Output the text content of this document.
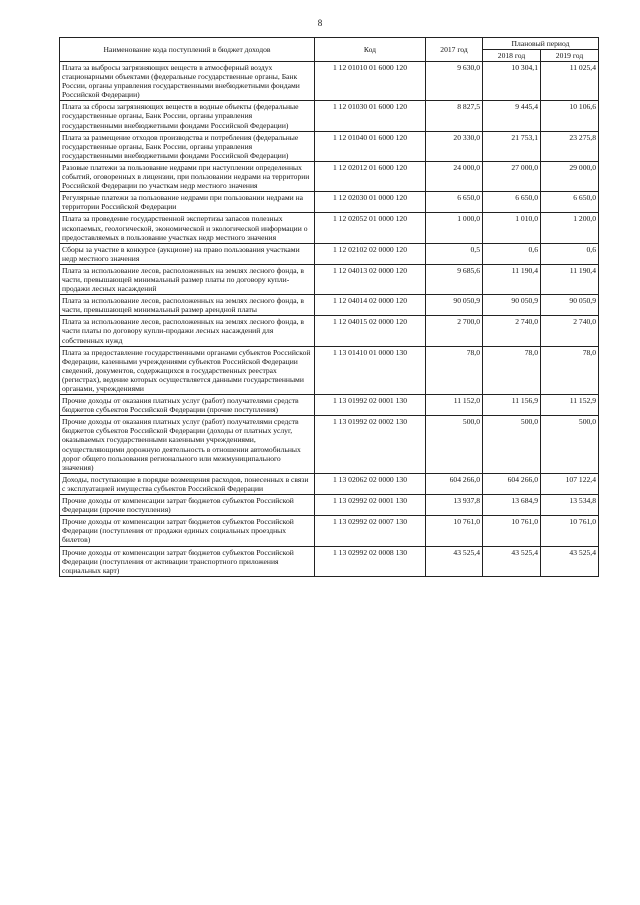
8
Наименование кода поступлений в бюджет доходов	Код	2017 год	Плановый период	
			2018 год	2019 год
Плата за выбросы загрязняющих веществ в атмосферный воздух стационарными объектами (федеральные государственные органы, Банк России, органы управления государственными внебюджетными фондами Российской Федерации)	1 12 01010 01 6000 120	9 630,0	10 304,1	11 025,4
Плата за сбросы загрязняющих веществ в водные объекты (федеральные государственные органы, Банк России, органы управления государственными внебюджетными фондами Российской Федерации)	1 12 01030 01 6000 120	8 827,5	9 445,4	10 106,6
Плата за размещение отходов производства и потребления (федеральные государственные органы, Банк России, органы управления государственными внебюджетными фондами Российской Федерации)	1 12 01040 01 6000 120	20 330,0	21 753,1	23 275,8
Разовые платежи за пользование недрами при наступлении определенных событий, оговоренных в лицензии, при пользовании недрами на территории Российской Федерации по участкам недр местного значения	1 12 02012 01 6000 120	24 000,0	27 000,0	29 000,0
Регулярные платежи за пользование недрами при пользовании недрами на территории Российской Федерации	1 12 02030 01 0000 120	6 650,0	6 650,0	6 650,0
Плата за проведение государственной экспертизы запасов полезных ископаемых, геологической, экономической и экологической информации о предоставляемых в пользование участках недр местного значения	1 12 02052 01 0000 120	1 000,0	1 010,0	1 200,0
Сборы за участие в конкурсе (аукционе) на право пользования участками недр местного значения	1 12 02102 02 0000 120	0,5	0,6	0,6
Плата за использование лесов, расположенных на землях лесного фонда, в части, превышающей минимальный размер платы по договору купли-продажи лесных насаждений	1 12 04013 02 0000 120	9 685,6	11 190,4	11 190,4
Плата за использование лесов, расположенных на землях лесного фонда, в части, превышающей минимальный размер арендной платы	1 12 04014 02 0000 120	90 050,9	90 050,9	90 050,9
Плата за использование лесов, расположенных на землях лесного фонда, в части платы по договору купли-продажи лесных насаждений для собственных нужд	1 12 04015 02 0000 120	2 700,0	2 740,0	2 740,0
Плата за предоставление государственными органами субъектов Российской Федерации, казенными учреждениями субъектов Российской Федерации сведений, документов, содержащихся в государственных реестрах (регистрах), ведение которых осуществляется данными государственными органами, учреждениями	1 13 01410 01 0000 130	78,0	78,0	78,0
Прочие доходы от оказания платных услуг (работ) получателями средств бюджетов субъектов Российской Федерации (прочие поступления)	1 13 01992 02 0001 130	11 152,0	11 156,9	11 152,9
Прочие доходы от оказания платных услуг (работ) получателями средств бюджетов субъектов Российской Федерации (доходы от платных услуг, оказываемых государственными казенными учреждениями, осуществляющими дорожную деятельность в отношении автомобильных дорог общего пользования регионального или межмуниципального значения)	1 13 01992 02 0002 130	500,0	500,0	500,0
Доходы, поступающие в порядке возмещения расходов, понесенных в связи с эксплуатацией имущества субъектов Российской Федерации	1 13 02062 02 0000 130	604 266,0	604 266,0	107 122,4
Прочие доходы от компенсации затрат бюджетов субъектов Российской Федерации (прочие поступления)	1 13 02992 02 0001 130	13 937,8	13 684,9	13 534,8
Прочие доходы от компенсации затрат бюджетов субъектов Российской Федерации (поступления от продажи единых социальных проездных билетов)	1 13 02992 02 0007 130	10 761,0	10 761,0	10 761,0
Прочие доходы от компенсации затрат бюджетов субъектов Российской Федерации (поступления от активации транспортного приложения социальных карт)	1 13 02992 02 0008 130	43 525,4	43 525,4	43 525,4
